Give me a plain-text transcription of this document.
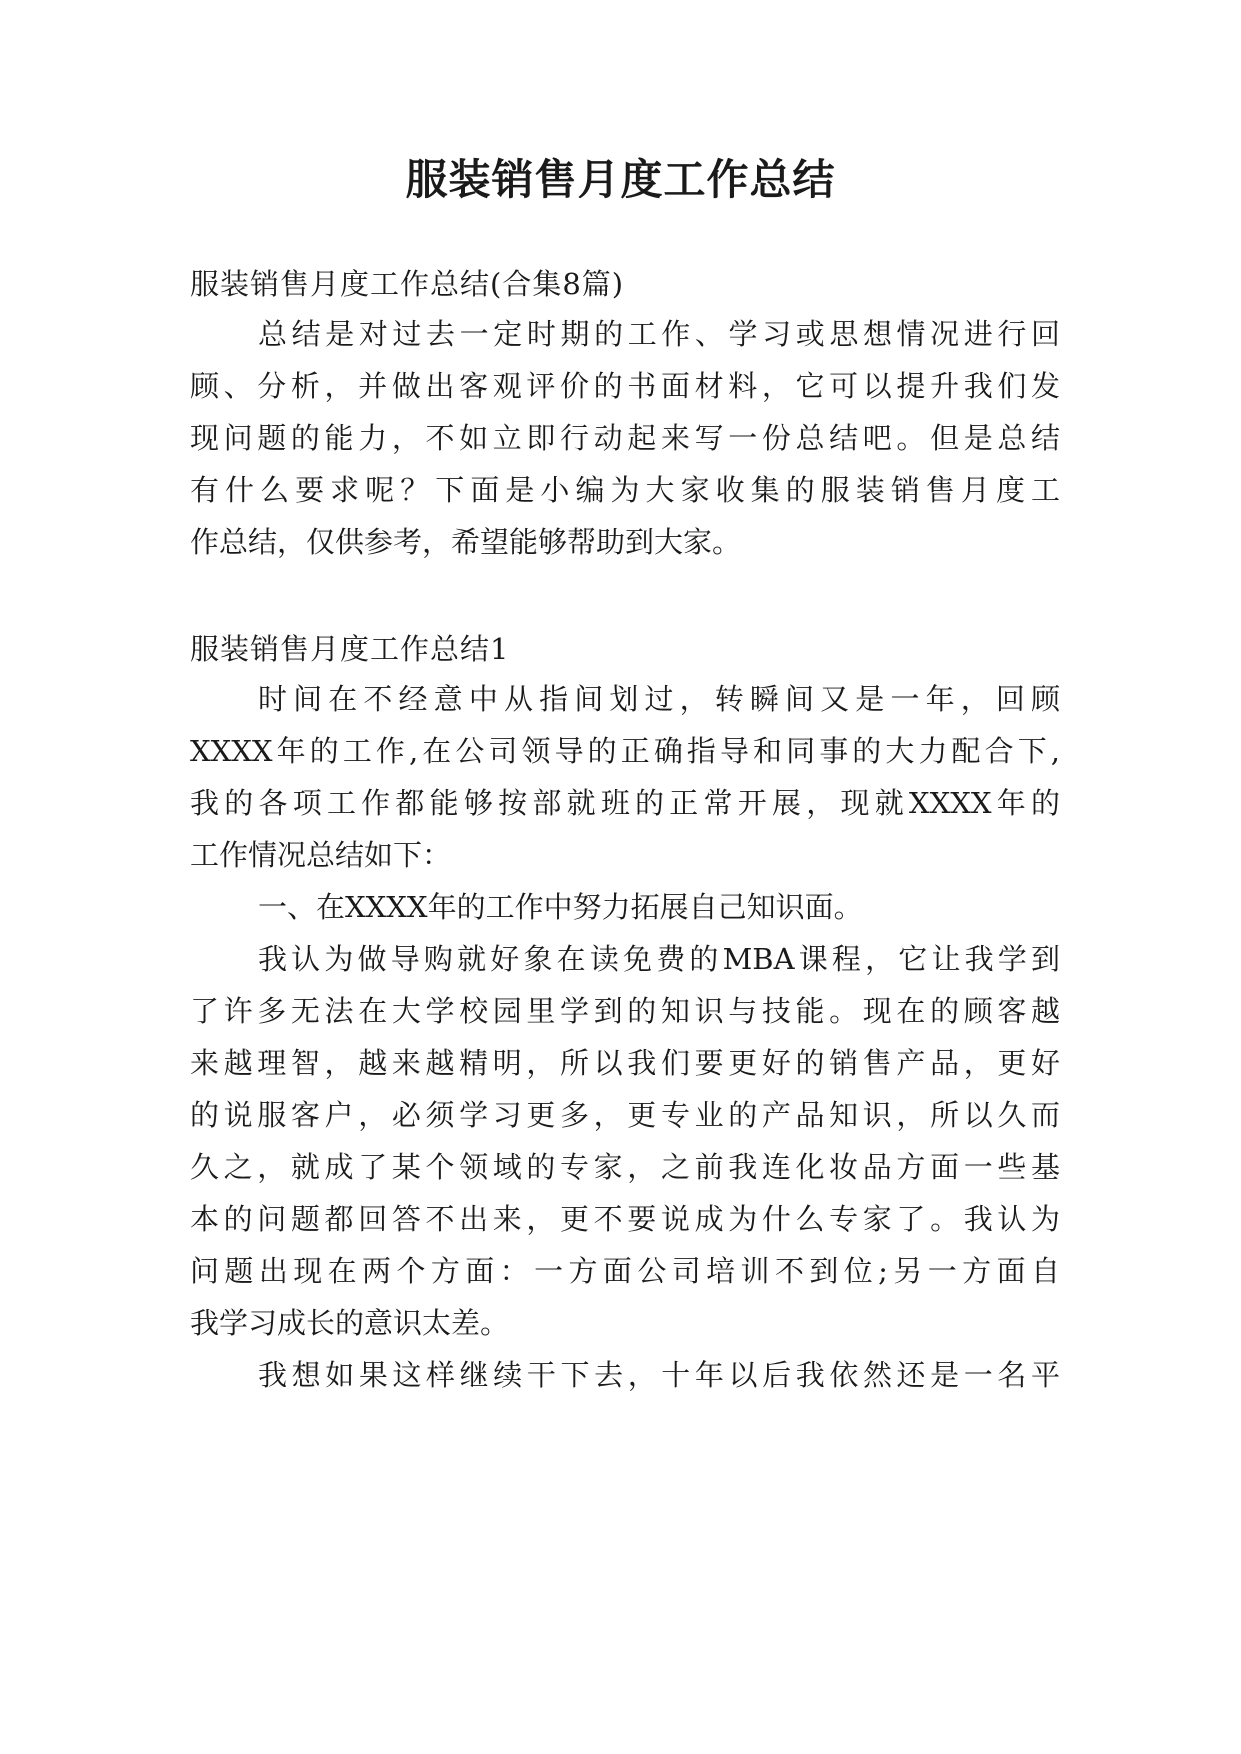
服装销售月度工作总结
服装销售月度工作总结(合集8篇)
总结是对过去一定时期的工作、学习或思想情况进行回
顾、分析，并做出客观评价的书面材料，它可以提升我们发
现问题的能力，不如立即行动起来写一份总结吧。但是总结
有什么要求呢？下面是小编为大家收集的服装销售月度工
作总结，仅供参考，希望能够帮助到大家。
服装销售月度工作总结1
时间在不经意中从指间划过，转瞬间又是一年，回顾
XXXX年的工作,在公司领导的正确指导和同事的大力配合下,
我的各项工作都能够按部就班的正常开展，现就XXXX年的
工作情况总结如下：
一、在XXXX年的工作中努力拓展自己知识面。
我认为做导购就好象在读免费的MBA课程，它让我学到
了许多无法在大学校园里学到的知识与技能。现在的顾客越
来越理智，越来越精明，所以我们要更好的销售产品，更好
的说服客户，必须学习更多，更专业的产品知识，所以久而
久之，就成了某个领域的专家，之前我连化妆品方面一些基
本的问题都回答不出来，更不要说成为什么专家了。我认为
问题出现在两个方面：一方面公司培训不到位;另一方面自
我学习成长的意识太差。
我想如果这样继续干下去，十年以后我依然还是一名平
